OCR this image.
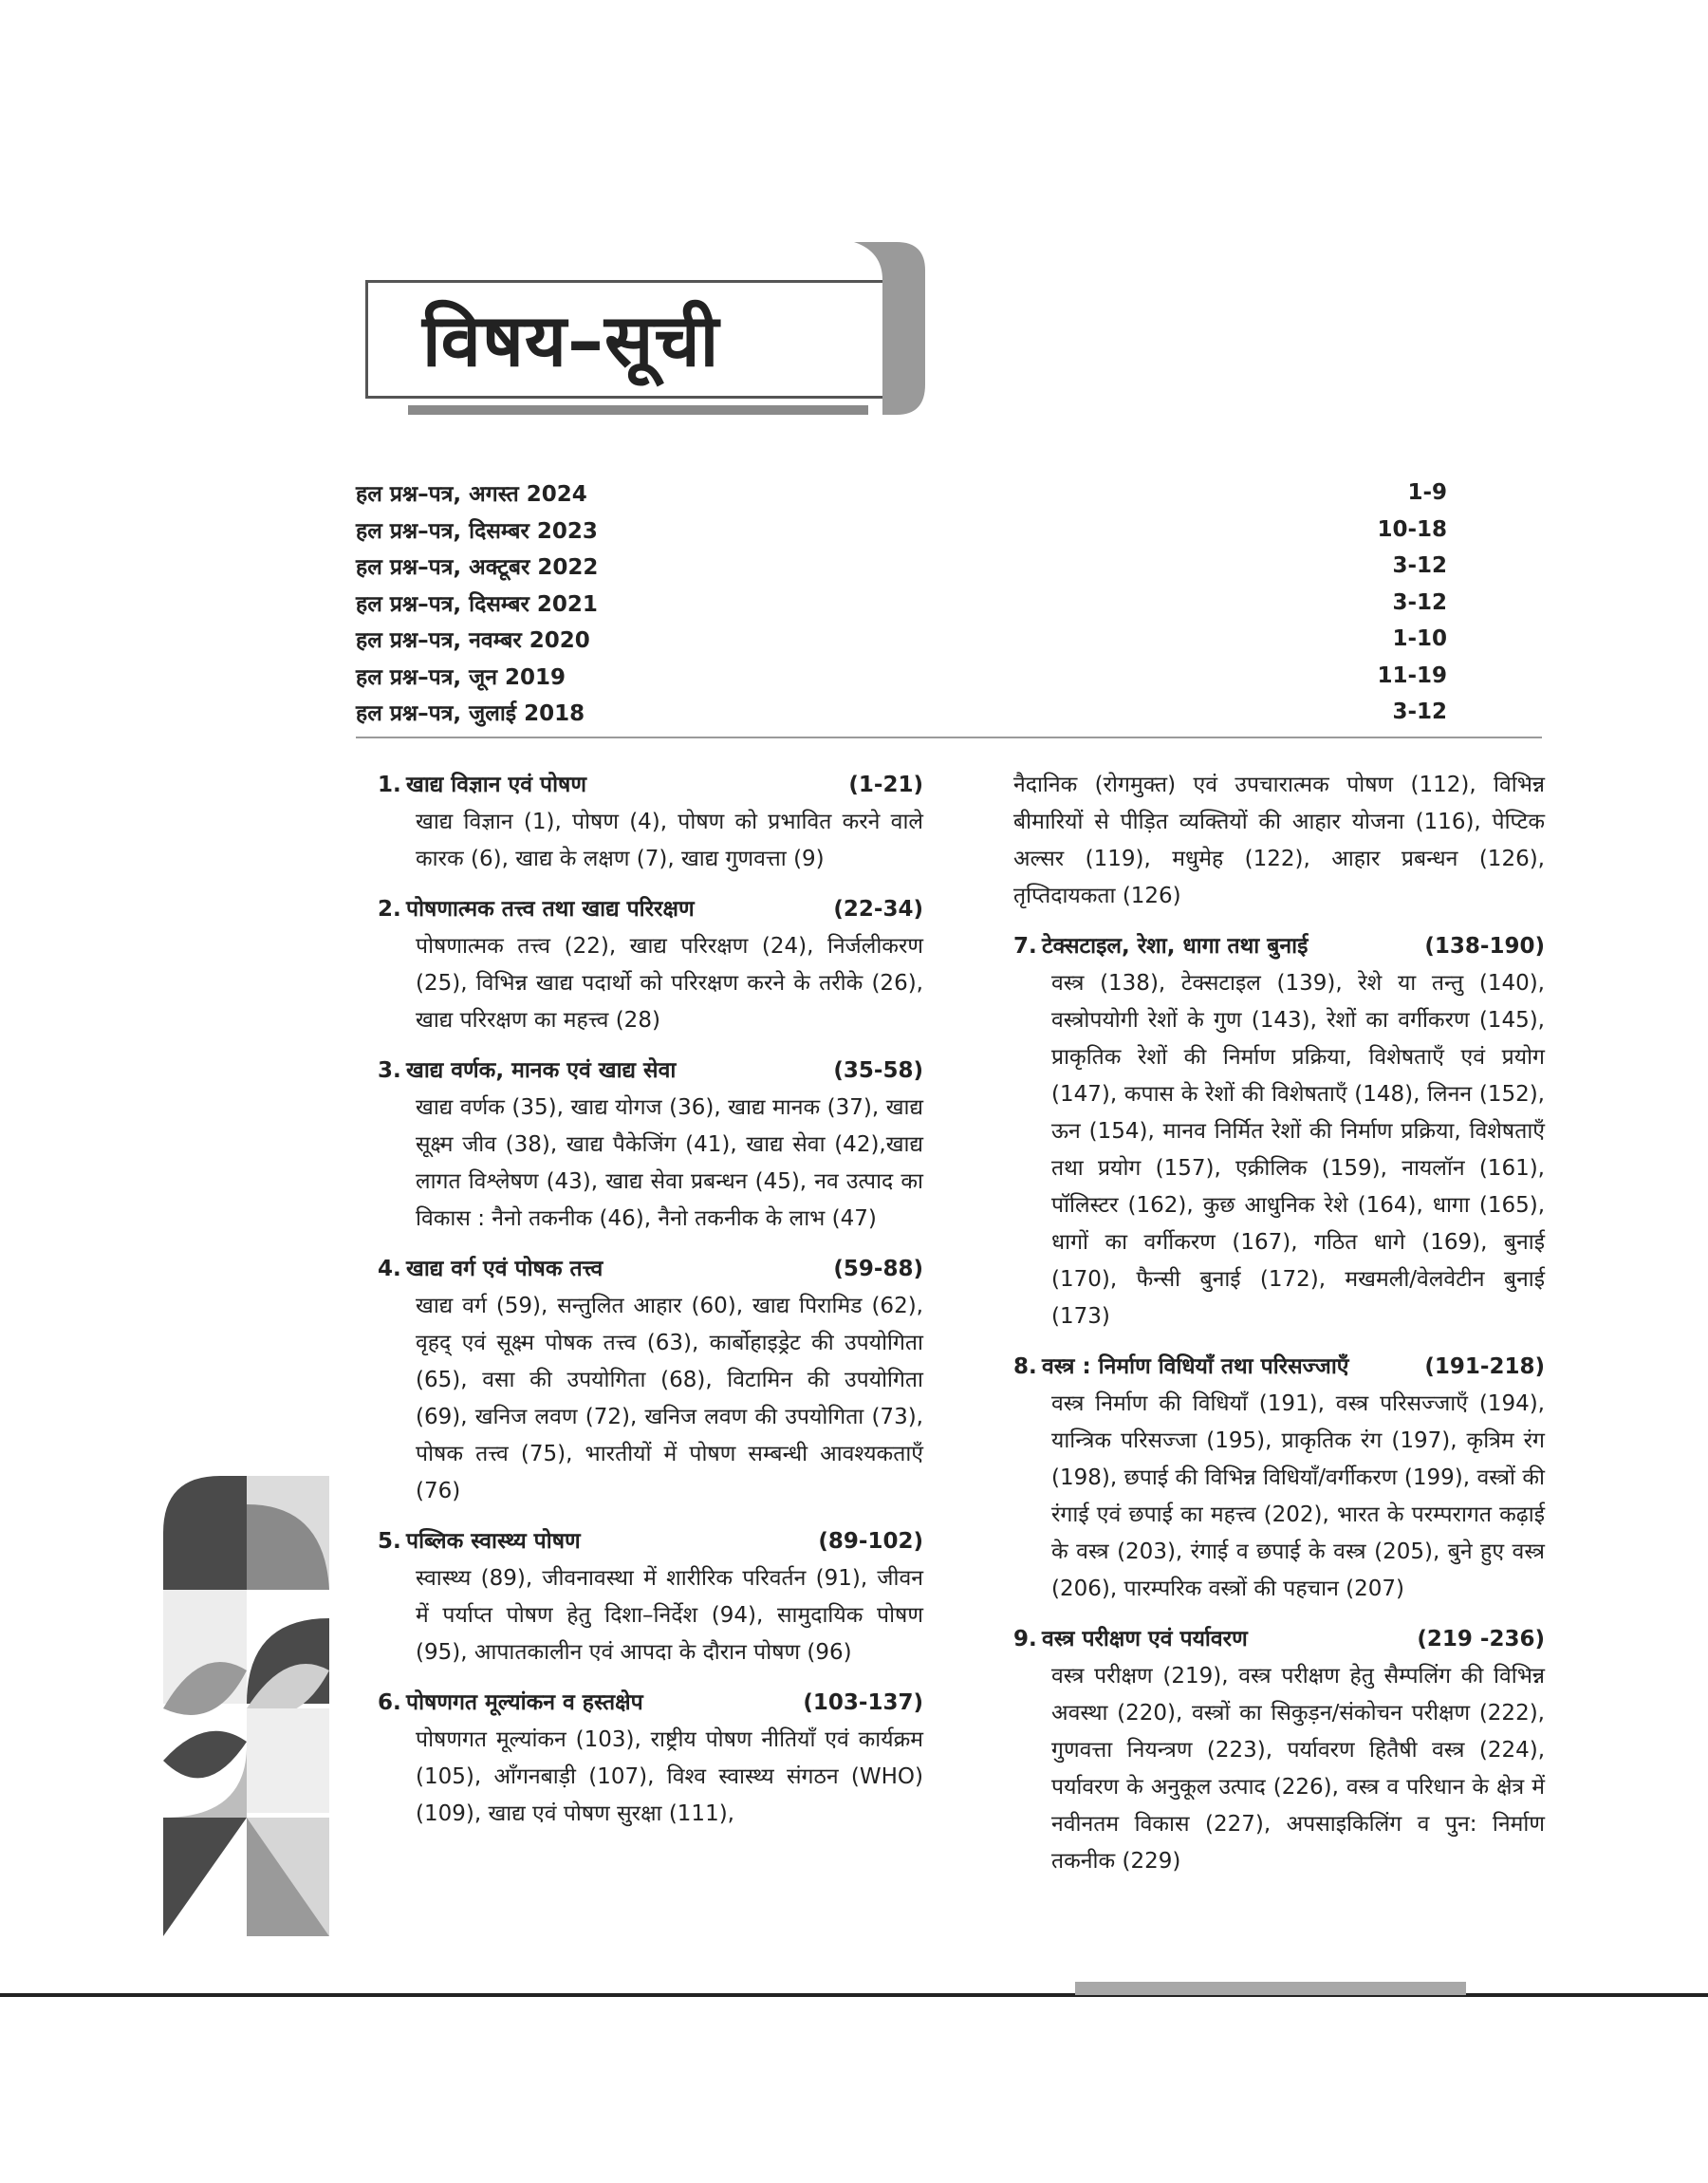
विषय–सूची
हल प्रश्न–पत्र, अगस्त 2024	1-9
हल प्रश्न–पत्र, दिसम्बर 2023	10-18
हल प्रश्न–पत्र, अक्टूबर 2022	3-12
हल प्रश्न–पत्र, दिसम्बर 2021	3-12
हल प्रश्न–पत्र, नवम्बर 2020	1-10
हल प्रश्न–पत्र, जून 2019	11-19
हल प्रश्न–पत्र, जुलाई 2018	3-12
1. खाद्य विज्ञान एवं पोषण	(1-21)
खाद्य विज्ञान (1), पोषण (4), पोषण को प्रभावित करने वाले कारक (6), खाद्य के लक्षण (7), खाद्य गुणवत्ता (9)
2. पोषणात्मक तत्त्व तथा खाद्य परिरक्षण	(22-34)
पोषणात्मक तत्त्व (22), खाद्य परिरक्षण (24), निर्जलीकरण (25), विभिन्न खाद्य पदार्थो को परिरक्षण करने के तरीके (26), खाद्य परिरक्षण का महत्त्व (28)
3. खाद्य वर्णक, मानक एवं खाद्य सेवा	(35-58)
खाद्य वर्णक (35), खाद्य योगज (36), खाद्य मानक (37), खाद्य सूक्ष्म जीव (38), खाद्य पैकेजिंग (41), खाद्य सेवा (42),खाद्य लागत विश्लेषण (43), खाद्य सेवा प्रबन्धन (45), नव उत्पाद का विकास : नैनो तकनीक (46), नैनो तकनीक के लाभ (47)
4. खाद्य वर्ग एवं पोषक तत्त्व	(59-88)
खाद्य वर्ग (59), सन्तुलित आहार (60), खाद्य पिरामिड (62), वृहद् एवं सूक्ष्म पोषक तत्त्व (63), कार्बोहाइड्रेट की उपयोगिता (65), वसा की उपयोगिता (68), विटामिन की उपयोगिता (69), खनिज लवण (72), खनिज लवण की उपयोगिता (73), पोषक तत्त्व (75), भारतीयों में पोषण सम्बन्धी आवश्यकताएँ (76)
5. पब्लिक स्वास्थ्य पोषण	(89-102)
स्वास्थ्य (89), जीवनावस्था में शारीरिक परिवर्तन (91), जीवन में पर्याप्त पोषण हेतु दिशा–निर्देश (94), सामुदायिक पोषण (95), आपातकालीन एवं आपदा के दौरान पोषण (96)
6. पोषणगत मूल्यांकन व हस्तक्षेप	(103-137)
पोषणगत मूल्यांकन (103), राष्ट्रीय पोषण नीतियाँ एवं कार्यक्रम (105), आँगनबाड़ी (107), विश्व स्वास्थ्य संगठन (WHO) (109), खाद्य एवं पोषण सुरक्षा (111),
नैदानिक (रोगमुक्त) एवं उपचारात्मक पोषण (112), विभिन्न बीमारियों से पीड़ित व्यक्तियों की आहार योजना (116), पेप्टिक अल्सर (119), मधुमेह (122), आहार प्रबन्धन (126), तृप्तिदायकता (126)
7. टेक्सटाइल, रेशा, धागा तथा बुनाई	(138-190)
वस्त्र (138), टेक्सटाइल (139), रेशे या तन्तु (140), वस्त्रोपयोगी रेशों के गुण (143), रेशों का वर्गीकरण (145), प्राकृतिक रेशों की निर्माण प्रक्रिया, विशेषताएँ एवं प्रयोग (147), कपास के रेशों की विशेषताएँ (148), लिनन (152), ऊन (154), मानव निर्मित रेशों की निर्माण प्रक्रिया, विशेषताएँ तथा प्रयोग (157), एक्रीलिक (159), नायलॉन (161), पॉलिस्टर (162), कुछ आधुनिक रेशे (164), धागा (165), धागों का वर्गीकरण (167), गठित धागे (169), बुनाई (170), फैन्सी बुनाई (172), मखमली/वेलवेटीन बुनाई (173)
8. वस्त्र : निर्माण विधियाँ तथा परिसज्जाएँ	(191-218)
वस्त्र निर्माण की विधियाँ (191), वस्त्र परिसज्जाएँ (194), यान्त्रिक परिसज्जा (195), प्राकृतिक रंग (197), कृत्रिम रंग (198), छपाई की विभिन्न विधियाँ/वर्गीकरण (199), वस्त्रों की रंगाई एवं छपाई का महत्त्व (202), भारत के परम्परागत कढ़ाई के वस्त्र (203), रंगाई व छपाई के वस्त्र (205), बुने हुए वस्त्र (206), पारम्परिक वस्त्रों की पहचान (207)
9. वस्त्र परीक्षण एवं पर्यावरण	(219 -236)
वस्त्र परीक्षण (219), वस्त्र परीक्षण हेतु सैम्पलिंग की विभिन्न अवस्था (220), वस्त्रों का सिकुड़न/संकोचन परीक्षण (222), गुणवत्ता नियन्त्रण (223), पर्यावरण हितैषी वस्त्र (224), पर्यावरण के अनुकूल उत्पाद (226), वस्त्र व परिधान के क्षेत्र में नवीनतम विकास (227), अपसाइकिलिंग व पुन: निर्माण तकनीक (229)
